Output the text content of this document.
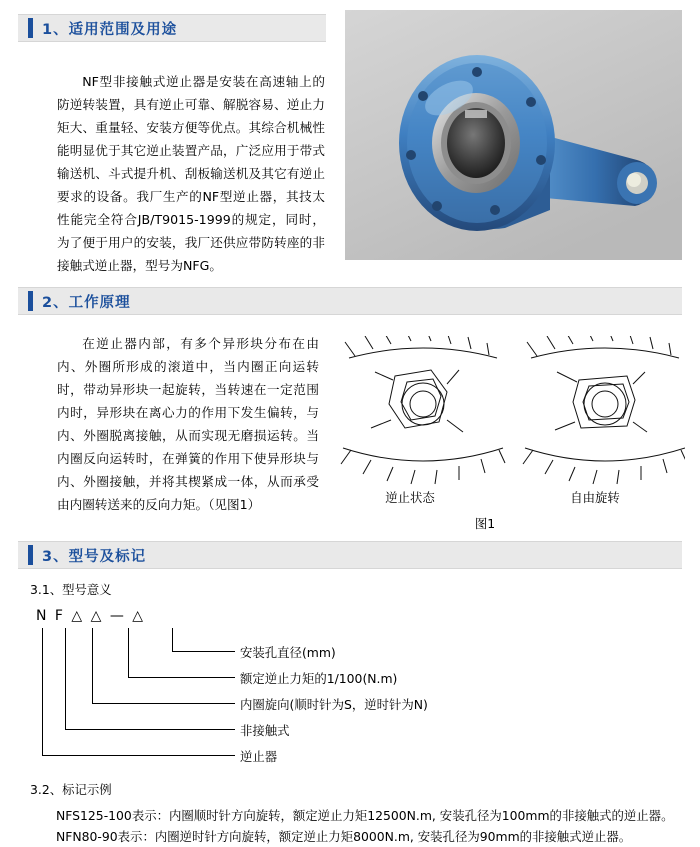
1、适用范围及用途
NF型非接触式逆止器是安装在高速轴上的防逆转装置，具有逆止可靠、解脱容易、逆止力矩大、重量轻、安装方便等优点。其综合机械性能明显优于其它逆止装置产品，广泛应用于带式输送机、斗式提升机、刮板输送机及其它有逆止要求的设备。我厂生产的NF型逆止器，其技太性能完全符合JB/T9015-1999的规定，同时，为了便于用户的安装，我厂还供应带防转座的非接触式逆止器，型号为NFG。
2、工作原理
在逆止器内部，有多个异形块分布在由内、外圈所形成的滚道中，当内圈正向运转时，带动异形块一起旋转，当转速在一定范围内时，异形块在离心力的作用下发生偏转，与内、外圈脱离接触，从而实现无磨损运转。当内圈反向运转时，在弹簧的作用下使异形块与内、外圈接触，并将其楔紧成一体，从而承受由内圈转送来的反向力矩。（见图1）	逆止状态	自由旋转
图1
3、型号及标记
3.1、型号意义
N F △ △ — △
安装孔直径(mm)
额定逆止力矩的1/100(N.m)
内圈旋向(顺时针为S，逆时针为N)
非接触式
逆止器
3.2、标记示例
NFS125-100表示：内圈顺时针方向旋转，额定逆止力矩12500N.m, 安装孔径为100mm的非接触式的逆止器。
NFN80-90表示：内圈逆时针方向旋转，额定逆止力矩8000N.m, 安装孔径为90mm的非接触式逆止器。
